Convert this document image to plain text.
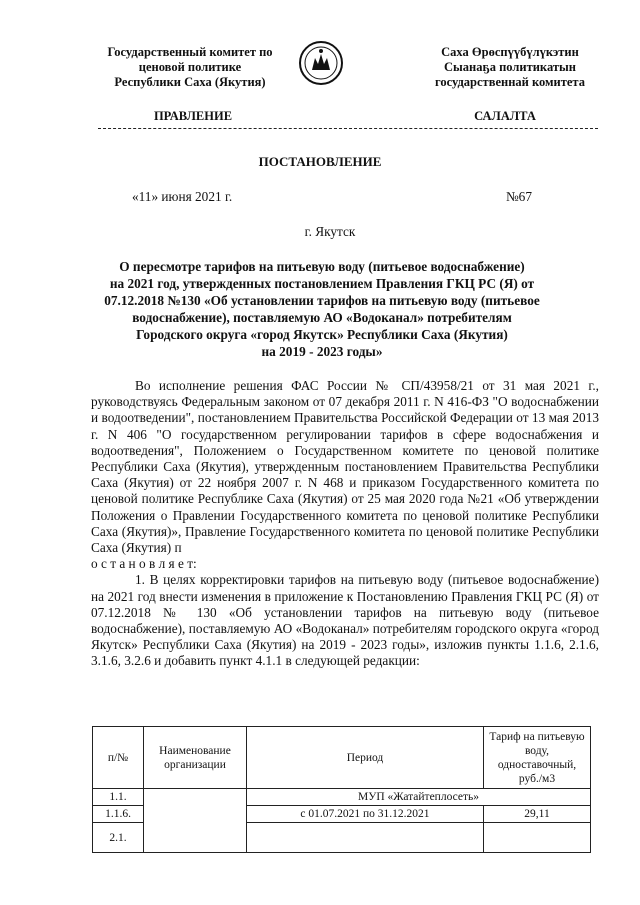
Государственный комитет по
ценовой политике
Республики Саха (Якутия)
Саха Өрөспүүбүлүкэтин
Сыанаҕа политикатын
государственнай комитета
ПРАВЛЕНИЕ	САЛАЛТА
ПОСТАНОВЛЕНИЕ
«11» июня 2021 г.	№67
г. Якутск
О пересмотре тарифов на питьевую воду (питьевое водоснабжение)
на 2021 год, утвержденных постановлением Правления ГКЦ РС (Я) от
07.12.2018 №130 «Об установлении тарифов на питьевую воду (питьевое
водоснабжение), поставляемую АО «Водоканал» потребителям
Городского округа «город Якутск» Республики Саха (Якутия)
на 2019 - 2023 годы»

Во исполнение решения ФАС России № СП/43958/21 от 31 мая 2021 г., руководствуясь Федеральным законом от 07 декабря 2011 г. N 416-ФЗ "О водоснабжении и водоотведении", постановлением Правительства Российской Федерации от 13 мая 2013 г. N 406 "О государственном регулировании тарифов в сфере водоснабжения и водоотведения", Положением о Государственном комитете по ценовой политике Республики Саха (Якутия), утвержденным постановлением Правительства Республики Саха (Якутия) от 22 ноября 2007 г. N 468 и приказом Государственного комитета по ценовой политике Республике Саха (Якутия) от 25 мая 2020 года №21 «Об утверждении Положения о Правлении Государственного комитета по ценовой политике Республики Саха (Якутия)», Правление Государственного комитета по ценовой политике Республики Саха (Якутия) п

о с т а н о в л я е т:

1. В целях корректировки тарифов на питьевую воду (питьевое водоснабжение) на 2021 год внести изменения в приложение к Постановлению Правления ГКЦ РС (Я) от 07.12.2018 № 130 «Об установлении тарифов на питьевую воду (питьевое водоснабжение), поставляемую АО «Водоканал» потребителям городского округа «город Якутск» Республики Саха (Якутия) на 2019 - 2023 годы», изложив пункты 1.1.6, 2.1.6, 3.1.6, 3.2.6 и добавить пункт 4.1.1 в следующей редакции:

п/№	Наименование организации	Период	Тариф на питьевую воду, одноставочный, руб./м3
1.1.		МУП «Жатайтеплосеть»	
1.1.6.		с 01.07.2021 по 31.12.2021	29,11
2.1.			
